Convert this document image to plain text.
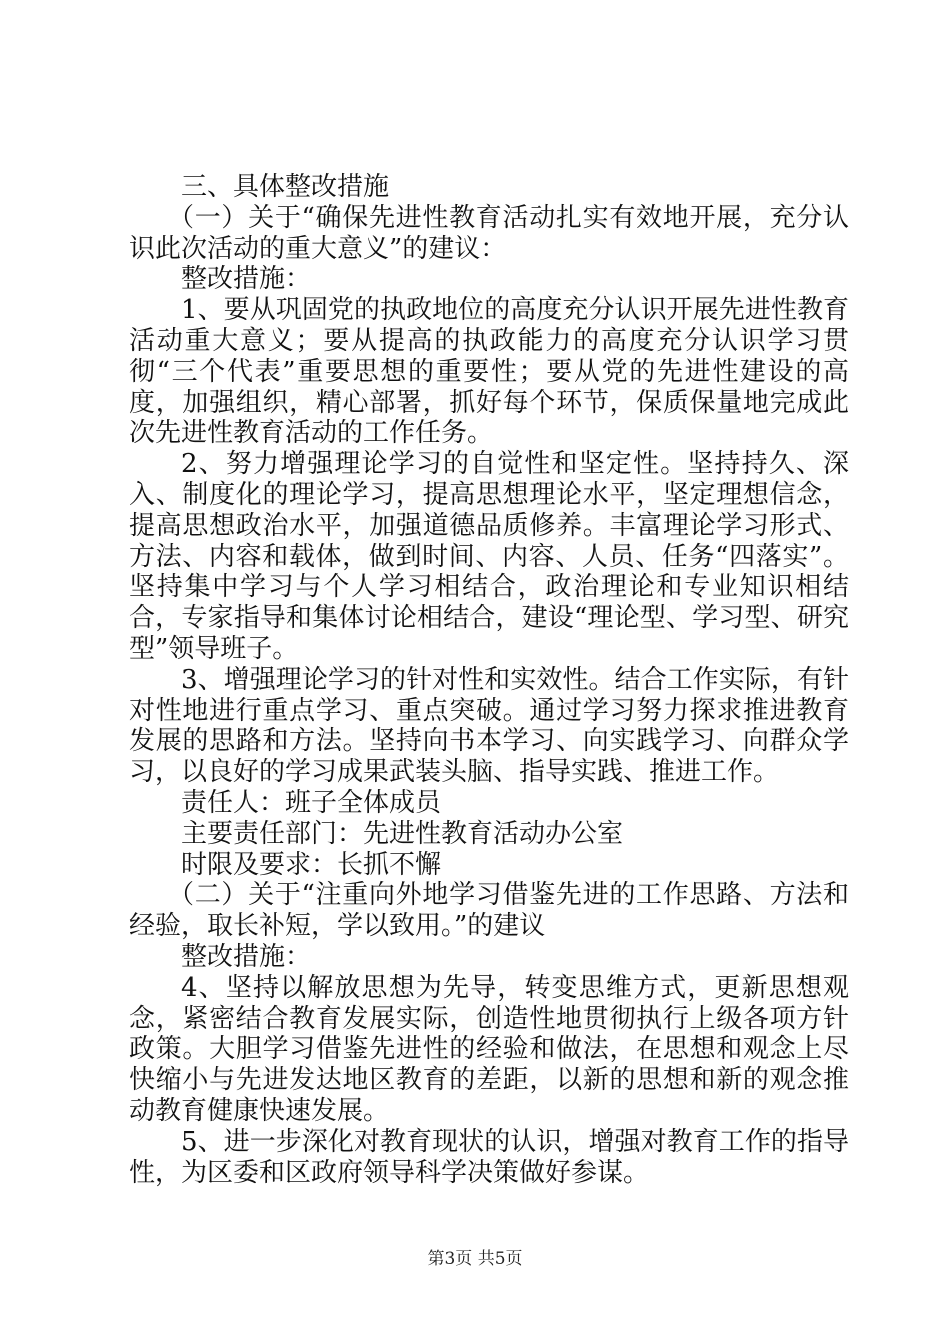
三、具体整改措施

（一）关于“确保先进性教育活动扎实有效地开展，充分认识此次活动的重大意义”的建议：

整改措施：

1、要从巩固党的执政地位的高度充分认识开展先进性教育活动重大意义；要从提高的执政能力的高度充分认识学习贯彻“三个代表”重要思想的重要性；要从党的先进性建设的高度，加强组织，精心部署，抓好每个环节，保质保量地完成此次先进性教育活动的工作任务。

2、努力增强理论学习的自觉性和坚定性。坚持持久、深入、制度化的理论学习，提高思想理论水平，坚定理想信念，提高思想政治水平，加强道德品质修养。丰富理论学习形式、方法、内容和载体，做到时间、内容、人员、任务“四落实”。坚持集中学习与个人学习相结合，政治理论和专业知识相结合，专家指导和集体讨论相结合，建设“理论型、学习型、研究型”领导班子。

3、增强理论学习的针对性和实效性。结合工作实际，有针对性地进行重点学习、重点突破。通过学习努力探求推进教育发展的思路和方法。坚持向书本学习、向实践学习、向群众学习，以良好的学习成果武装头脑、指导实践、推进工作。

责任人：班子全体成员

主要责任部门：先进性教育活动办公室

时限及要求：长抓不懈

（二）关于“注重向外地学习借鉴先进的工作思路、方法和经验，取长补短，学以致用。”的建议

整改措施：

4、坚持以解放思想为先导，转变思维方式，更新思想观念，紧密结合教育发展实际，创造性地贯彻执行上级各项方针政策。大胆学习借鉴先进性的经验和做法，在思想和观念上尽快缩小与先进发达地区教育的差距，以新的思想和新的观念推动教育健康快速发展。

5、进一步深化对教育现状的认识，增强对教育工作的指导性，为区委和区政府领导科学决策做好参谋。

第3页 共5页
